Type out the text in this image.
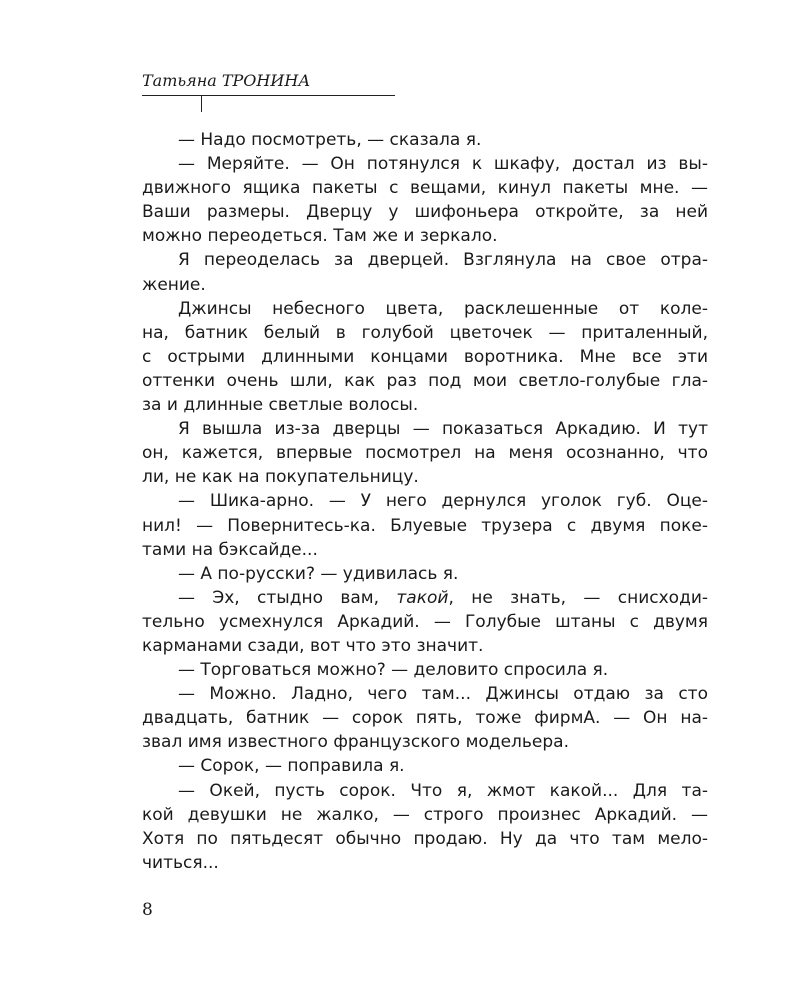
Татьяна ТРОНИНА
— Надо посмотреть, — сказала я.
— Меряйте. — Он потянулся к шкафу, достал из вы-
движного ящика пакеты с вещами, кинул пакеты мне. —
Ваши размеры. Дверцу у шифоньера откройте, за ней
можно переодеться. Там же и зеркало.
Я переоделась за дверцей. Взглянула на свое отра-
жение.
Джинсы небесного цвета, расклешенные от коле-
на, батник белый в голубой цветочек — приталенный,
с острыми длинными концами воротника. Мне все эти
оттенки очень шли, как раз под мои светло-голубые гла-
за и длинные светлые волосы.
Я вышла из-за дверцы — показаться Аркадию. И тут
он, кажется, впервые посмотрел на меня осознанно, что
ли, не как на покупательницу.
— Шика-арно. — У него дернулся уголок губ. Оце-
нил! — Повернитесь-ка. Блуевые трузера с двумя покe-
тами на бэксайде...
— А по-русски? — удивилась я.
— Эх, стыдно вам, такой, не знать, — снисходи-
тельно усмехнулся Аркадий. — Голубые штаны с двумя
карманами сзади, вот что это значит.
— Торговаться можно? — деловито спросила я.
— Можно. Ладно, чего там... Джинсы отдаю за сто
двадцать, батник — сорок пять, тоже фирмА. — Он на-
звал имя известного французского модельера.
— Сорок, — поправила я.
— Окей, пусть сорок. Что я, жмот какой... Для та-
кой девушки не жалко, — строго произнес Аркадий. —
Хотя по пятьдесят обычно продаю. Ну да что там мело-
читься...
8
